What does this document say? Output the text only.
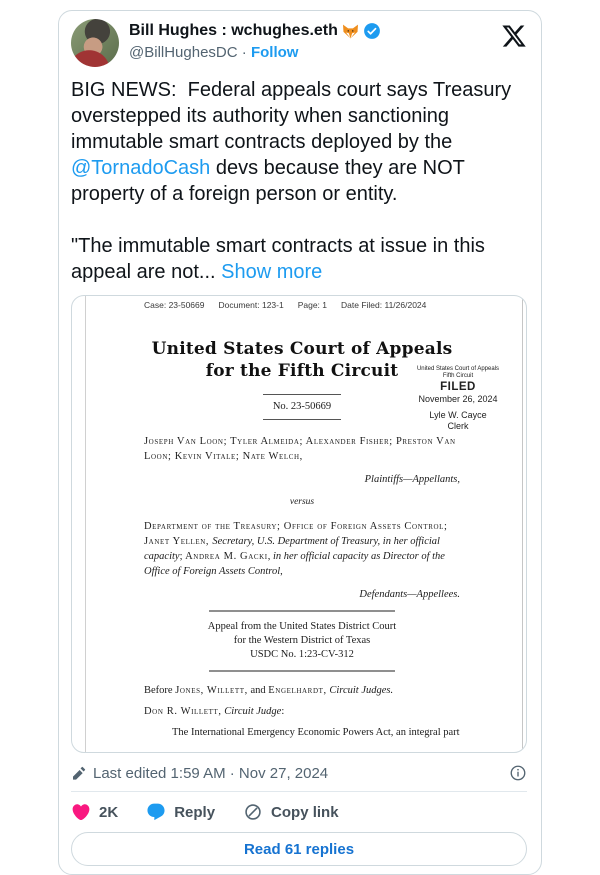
Bill Hughes : wchughes.eth
@BillHughesDC · Follow
BIG NEWS:  Federal appeals court says Treasury overstepped its authority when sanctioning immutable smart contracts deployed by the @TornadoCash devs because they are NOT property of a foreign person or entity.
"The immutable smart contracts at issue in this appeal are not... Show more
United States Court of Appeals
Fifth Circuit
FILED
November 26, 2024
Lyle W. Cayce
Clerk
Case: 23-50669 Document: 123-1 Page: 1 Date Filed: 11/26/2024
United States Court of Appeals
for the Fifth Circuit
No. 23-50669
Joseph Van Loon; Tyler Almeida; Alexander Fisher; Preston Van Loon; Kevin Vitale; Nate Welch,
Plaintiffs—Appellants,
versus
Department of the Treasury; Office of Foreign Assets Control; Janet Yellen, Secretary, U.S. Department of Treasury, in her official capacity; Andrea M. Gacki, in her official capacity as Director of the Office of Foreign Assets Control,
Defendants—Appellees.
Appeal from the United States District Court
for the Western District of Texas
USDC No. 1:23-CV-312
Before Jones, Willett, and Engelhardt, Circuit Judges.
Don R. Willett, Circuit Judge:
The International Emergency Economic Powers Act, an integral part
Last edited 1:59 AM · Nov 27, 2024
2K	Reply	Copy link
Read 61 replies
